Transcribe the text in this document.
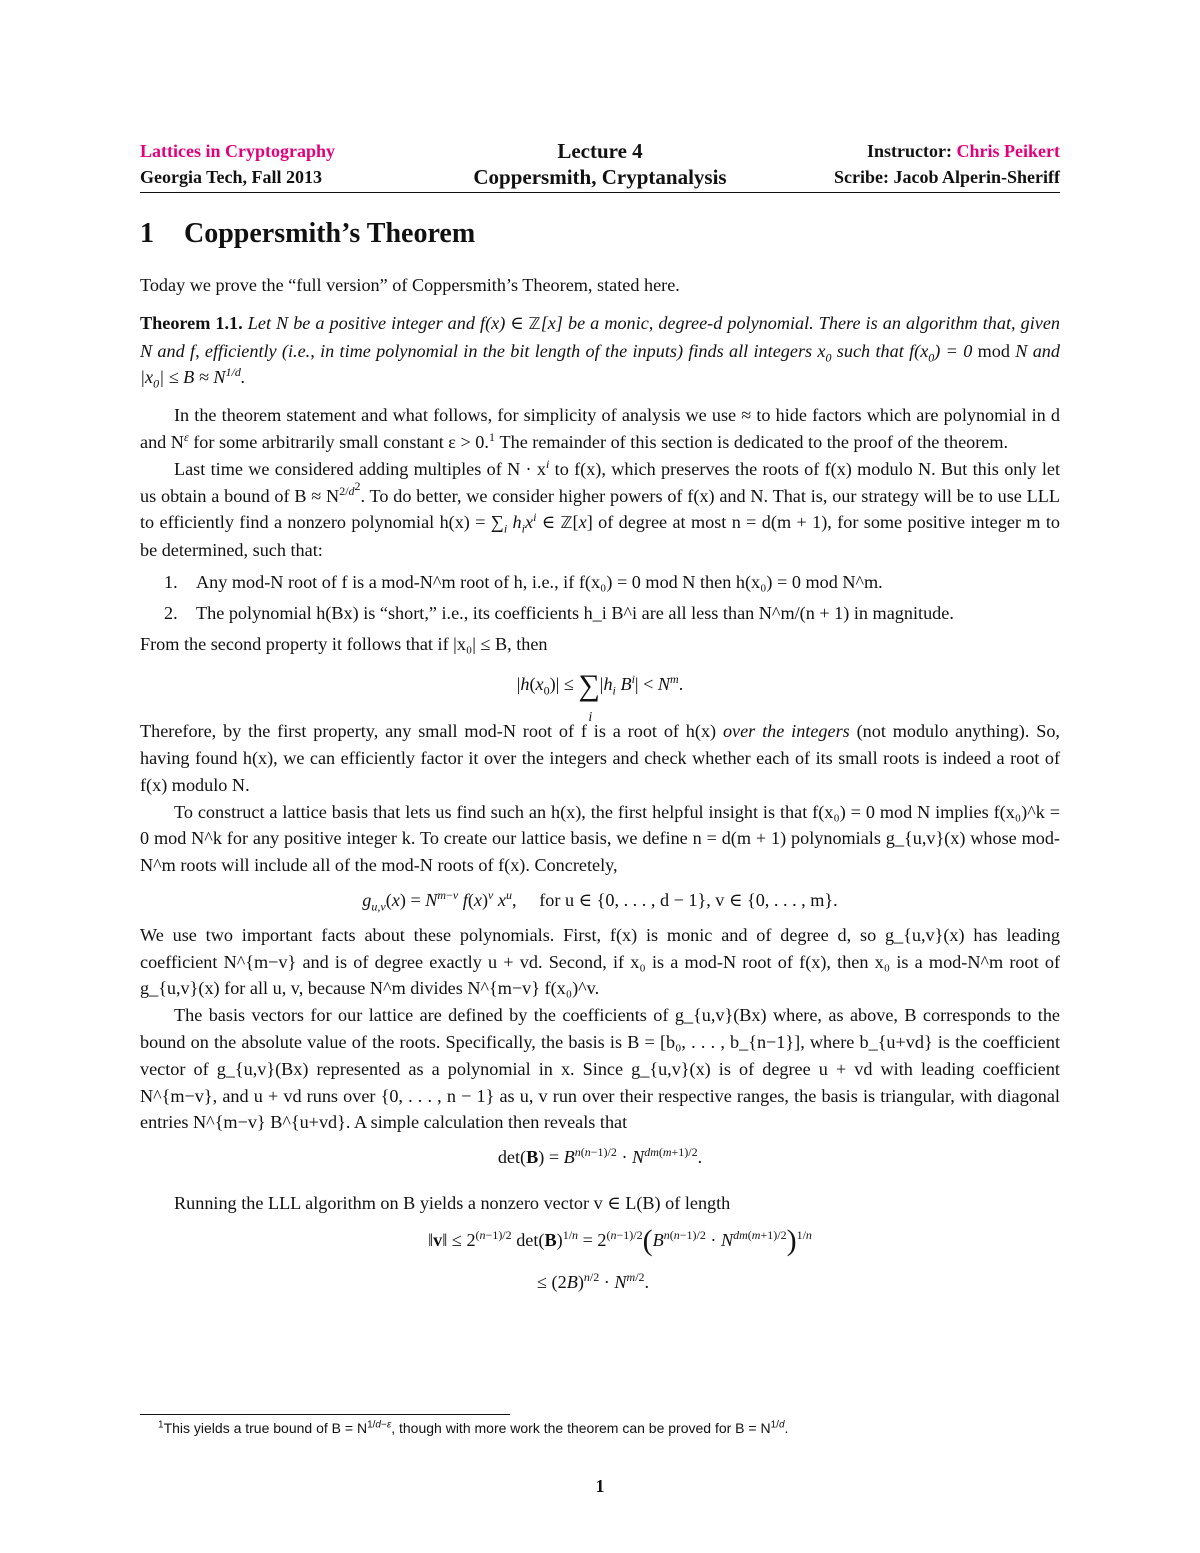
Lattices in Cryptography
Georgia Tech, Fall 2013
Lecture 4
Coppersmith, Cryptanalysis
Instructor: Chris Peikert
Scribe: Jacob Alperin-Sheriff
1 Coppersmith’s Theorem

Today we prove the “full version” of Coppersmith’s Theorem, stated here.

Theorem 1.1. Let N be a positive integer and f(x) ∈ ℤ[x] be a monic, degree-d polynomial. There is an algorithm that, given N and f, efficiently (i.e., in time polynomial in the bit length of the inputs) finds all integers $x_0$ such that $f(x_0) = 0$ mod N and $|x_0| \le B \approx N^{1/d}$.

In the theorem statement and what follows, for simplicity of analysis we use ≈ to hide factors which are polynomial in d and $N^\varepsilon$ for some arbitrarily small constant ε > 0.$^1$ The remainder of this section is dedicated to the proof of the theorem.

Last time we considered adding multiples of $N \cdot x^i$ to f(x), which preserves the roots of f(x) modulo N. But this only let us obtain a bound of $B \approx N^{2/d^2}$. To do better, we consider higher powers of f(x) and N. That is, our strategy will be to use LLL to efficiently find a nonzero polynomial $h(x) = \sum_i$ $h_ix^i$ ∈ ℤ[x] of degree at most n = d(m + 1), for some positive integer m to be determined, such that:

1. Any mod-N root of f is a mod-N^m root of h, i.e., if f(x₀) = 0 mod N then h(x₀) = 0 mod N^m.
2. The polynomial h(Bx) is “short,” i.e., its coefficients h_i B^i are all less than N^m/(n + 1) in magnitude.

From the second property it follows that if |x₀| ≤ B, then

$|h(x_0)|$ ≤ ∑
i
$|h_i$ $B^i| < N^m$.

Therefore, by the first property, any small mod-N root of f is a root of h(x) over the integers (not modulo anything). So, having found h(x), we can efficiently factor it over the integers and check whether each of its small roots is indeed a root of f(x) modulo N.

To construct a lattice basis that lets us find such an h(x), the first helpful insight is that f(x₀) = 0 mod N implies f(x₀)^k = 0 mod N^k for any positive integer k. To create our lattice basis, we define n = d(m + 1) polynomials g_{u,v}(x) whose mod-N^m roots will include all of the mod-N roots of f(x). Concretely,

$g_{u,v}(x) = N^{m-v}$ $f(x)^v$ $x^u$,     for u ∈ {0, . . . , d − 1}, v ∈ {0, . . . , m}.

We use two important facts about these polynomials. First, f(x) is monic and of degree d, so g_{u,v}(x) has leading coefficient N^{m−v} and is of degree exactly u + vd. Second, if x₀ is a mod-N root of f(x), then x₀ is a mod-N^m root of g_{u,v}(x) for all u, v, because N^m divides N^{m−v} f(x₀)^v.

The basis vectors for our lattice are defined by the coefficients of g_{u,v}(Bx) where, as above, B corresponds to the bound on the absolute value of the roots. Specifically, the basis is B = [b₀, . . . , b_{n−1}], where b_{u+vd} is the coefficient vector of g_{u,v}(Bx) represented as a polynomial in x. Since g_{u,v}(x) is of degree u + vd with leading coefficient N^{m−v}, and u + vd runs over {0, . . . , n − 1} as u, v run over their respective ranges, the basis is triangular, with diagonal entries N^{m−v} B^{u+vd}. A simple calculation then reveals that

$\det(B) = B^{n(n-1)/2} \cdot N^{dm(m+1)/2}$.

Running the LLL algorithm on B yields a nonzero vector v ∈ L(B) of length

‖v‖ ≤ $2^{(n-1)/2}$ $\det(B)^{1/n} = 2^{(n-1)/2}(B^{n(n-1)/2} \cdot N^{dm(m+1)/2})^{1/n}$
≤ $(2B)^{n/2} \cdot N^{m/2}$.
$^1$This yields a true bound of $B = N^{1/d-\varepsilon}$, though with more work the theorem can be proved for $B = N^{1/d}$.
1
